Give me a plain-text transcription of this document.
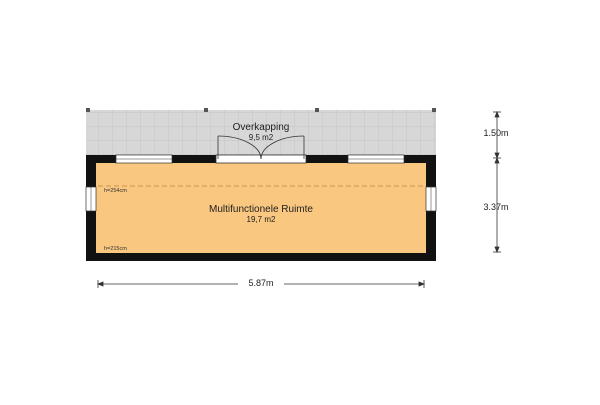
Overkapping
9,5 m2
Multifunctionele Ruimte
19,7 m2
h=254cm
h=215cm
1.50m
3.37m
5.87m
